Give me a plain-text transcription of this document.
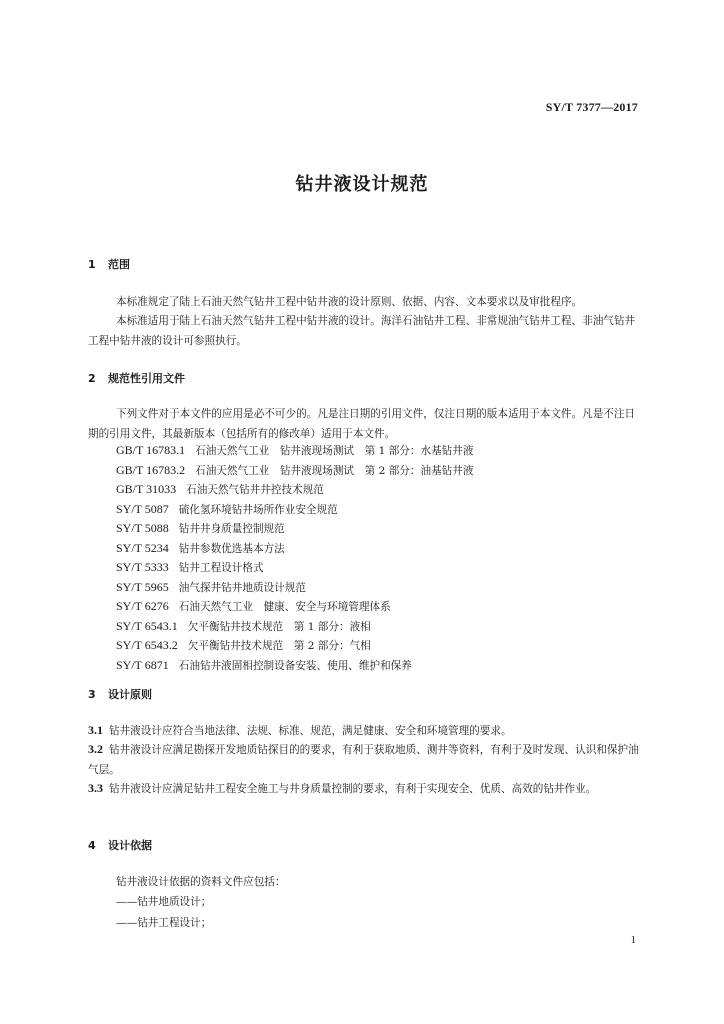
SY/T 7377—2017
钻井液设计规范
1 范围
本标准规定了陆上石油天然气钻井工程中钻井液的设计原则、依据、内容、文本要求以及审批程序。
本标准适用于陆上石油天然气钻井工程中钻井液的设计。海洋石油钻井工程、非常规油气钻井工程、非油气钻井工程中钻井液的设计可参照执行。
2 规范性引用文件
下列文件对于本文件的应用是必不可少的。凡是注日期的引用文件，仅注日期的版本适用于本文件。凡是不注日期的引用文件，其最新版本（包括所有的修改单）适用于本文件。
GB/T 16783.1 石油天然气工业　钻井液现场测试　第 1 部分：水基钻井液
GB/T 16783.2 石油天然气工业　钻井液现场测试　第 2 部分：油基钻井液
GB/T 31033 石油天然气钻井井控技术规范
SY/T 5087 硫化氢环境钻井场所作业安全规范
SY/T 5088 钻井井身质量控制规范
SY/T 5234 钻井参数优选基本方法
SY/T 5333 钻井工程设计格式
SY/T 5965 油气探井钻井地质设计规范
SY/T 6276 石油天然气工业　健康、安全与环境管理体系
SY/T 6543.1 欠平衡钻井技术规范　第 1 部分：液相
SY/T 6543.2 欠平衡钻井技术规范　第 2 部分：气相
SY/T 6871 石油钻井液固相控制设备安装、使用、维护和保养
3 设计原则
3.1 钻井液设计应符合当地法律、法规、标准、规范，满足健康、安全和环境管理的要求。
3.2 钻井液设计应满足勘探开发地质钻探目的的要求，有利于获取地质、测井等资料，有利于及时发现、认识和保护油气层。
3.3 钻井液设计应满足钻井工程安全施工与井身质量控制的要求，有利于实现安全、优质、高效的钻井作业。
4 设计依据
钻井液设计依据的资料文件应包括：
——钻井地质设计；
——钻井工程设计；
1
